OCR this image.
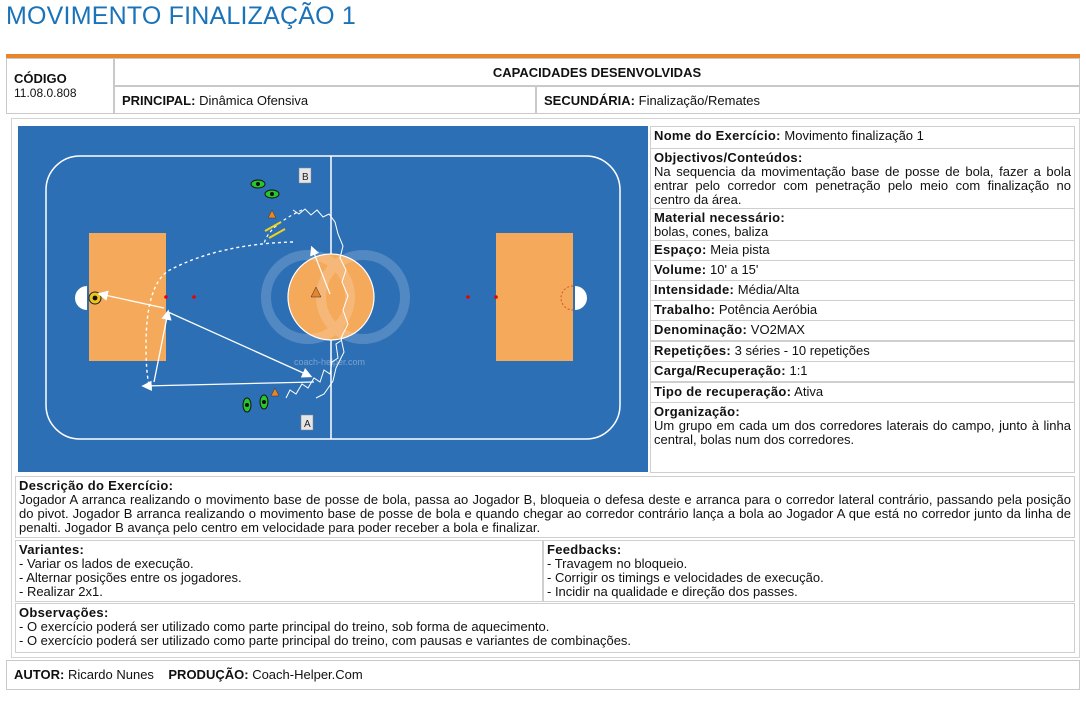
MOVIMENTO FINALIZAÇÃO 1
CÓDIGO
11.08.0.808
CAPACIDADES DESENVOLVIDAS
PRINCIPAL: Dinâmica Ofensiva	SECUNDÁRIA: Finalização/Remates
coach-helper.com
B
A
Nome do Exercício: Movimento finalização 1
Objectivos/Conteúdos:

Na sequencia da movimentação base de posse de bola, fazer a bola entrar pelo corredor com penetração pelo meio com finalização no centro da área.

Material necessário:
bolas, cones, baliza
Espaço: Meia pista
Volume: 10' a 15'
Intensidade: Média/Alta
Trabalho: Potência Aeróbia
Denominação: VO2MAX
Repetições: 3 séries - 10 repetições
Carga/Recuperação: 1:1
Tipo de recuperação: Ativa
Organização:

Um grupo em cada um dos corredores laterais do campo, junto à linha central, bolas num dos corredores.

Descrição do Exercício:

Jogador A arranca realizando o movimento base de posse de bola, passa ao Jogador B, bloqueia o defesa deste e arranca para o corredor lateral contrário, passando pela posição do pivot. Jogador B arranca realizando o movimento base de posse de bola e quando chegar ao corredor contrário lança a bola ao Jogador A que está no corredor junto da linha de penalti. Jogador B avança pelo centro em velocidade para poder receber a bola e finalizar.

Variantes:
- Variar os lados de execução.
- Alternar posições entre os jogadores.
- Realizar 2x1.
Feedbacks:
- Travagem no bloqueio.
- Corrigir os timings e velocidades de execução.
- Incidir na qualidade e direção dos passes.
Observações:
- O exercício poderá ser utilizado como parte principal do treino, sob forma de aquecimento.
- O exercício poderá ser utilizado como parte principal do treino, com pausas e variantes de combinações.
AUTOR: Ricardo Nunes PRODUÇÃO: Coach-Helper.Com
